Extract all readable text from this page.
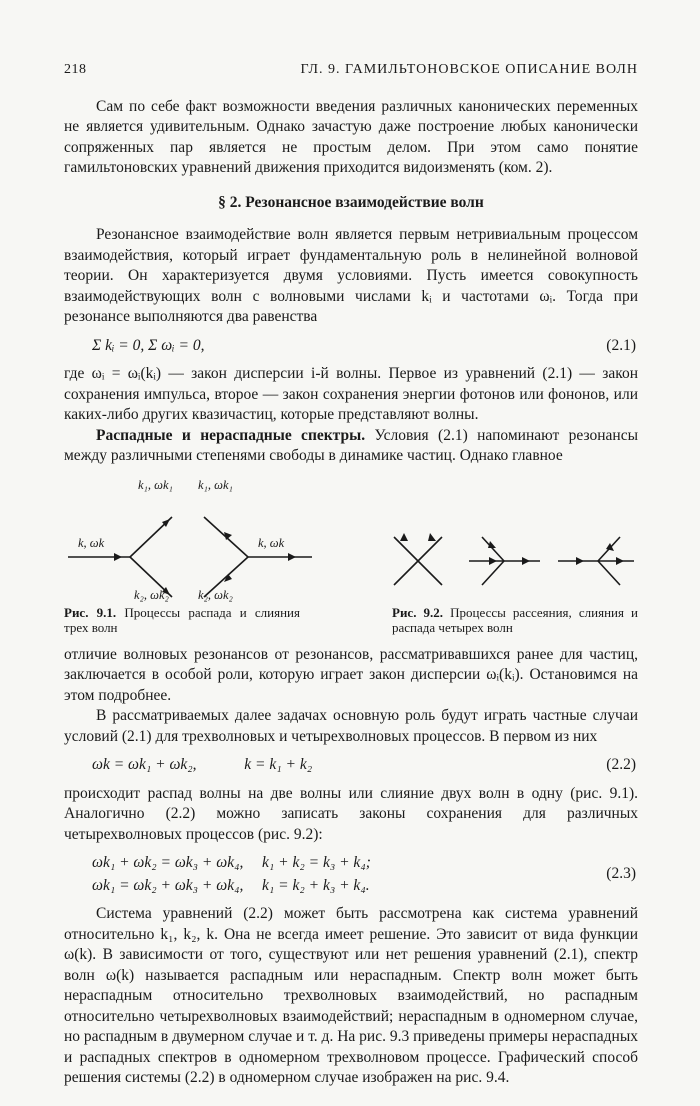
218	ГЛ. 9. ГАМИЛЬТОНОВСКОЕ ОПИСАНИЕ ВОЛН

Сам по себе факт возможности введения различных канонических переменных не является удивительным. Однако зачастую даже построение любых канонически сопряженных пар является не простым делом. При этом само понятие гамильтоновских уравнений движения приходится видоизменять (ком. 2).

§ 2. Резонансное взаимодействие волн

Резонансное взаимодействие волн является первым нетривиальным процессом взаимодействия, который играет фундаментальную роль в нелинейной волновой теории. Он характеризуется двумя условиями. Пусть имеется совокупность взаимодействующих волн с волновыми числами kᵢ и частотами ωᵢ. Тогда при резонансе выполняются два равенства

Σ kᵢ = 0, Σ ωᵢ = 0,	(2.1)

где ωᵢ = ωᵢ(kᵢ) — закон дисперсии i-й волны. Первое из уравнений (2.1) — закон сохранения импульса, второе — закон сохранения энергии фотонов или фононов, или каких-либо других квазичастиц, которые представляют волны.

Распадные и нераспадные спектры. Условия (2.1) напоминают резонансы между различными степенями свободы в динамике частиц. Однако главное

k, ωk
k₁, ωk₁
k₂, ωk₂
k₁, ωk₁
k₂, ωk₂
k, ωk
Рис. 9.1. Процессы распада и слияния трех волн
Рис. 9.2. Процессы рассеяния, слияния и распада четырех волн

отличие волновых резонансов от резонансов, рассматривавшихся ранее для частиц, заключается в особой роли, которую играет закон дисперсии ωᵢ(kᵢ). Остановимся на этом подробнее.

В рассматриваемых далее задачах основную роль будут играть частные случаи условий (2.1) для трехволновых и четырехволновых процессов. В первом из них

ωk = ωk₁ + ωk₂,	k = k₁ + k₂	(2.2)

происходит распад волны на две волны или слияние двух волн в одну (рис. 9.1). Аналогично (2.2) можно записать законы сохранения для различных четырехволновых процессов (рис. 9.2):

ωk₁ + ωk₂ = ωk₃ + ωk₄,	k₁ + k₂ = k₃ + k₄;
ωk₁ = ωk₂ + ωk₃ + ωk₄,	k₁ = k₂ + k₃ + k₄.
(2.3)

Система уравнений (2.2) может быть рассмотрена как система уравнений относительно k₁, k₂, k. Она не всегда имеет решение. Это зависит от вида функции ω(k). В зависимости от того, существуют или нет решения уравнений (2.1), спектр волн ω(k) называется распадным или нераспадным. Спектр волн может быть нераспадным относительно трехволновых взаимодействий, но распадным относительно четырехволновых взаимодействий; нераспадным в одномерном случае, но распадным в двумерном случае и т. д. На рис. 9.3 приведены примеры нераспадных и распадных спектров в одномерном трехволновом процессе. Графический способ решения системы (2.2) в одномерном случае изображен на рис. 9.4.
